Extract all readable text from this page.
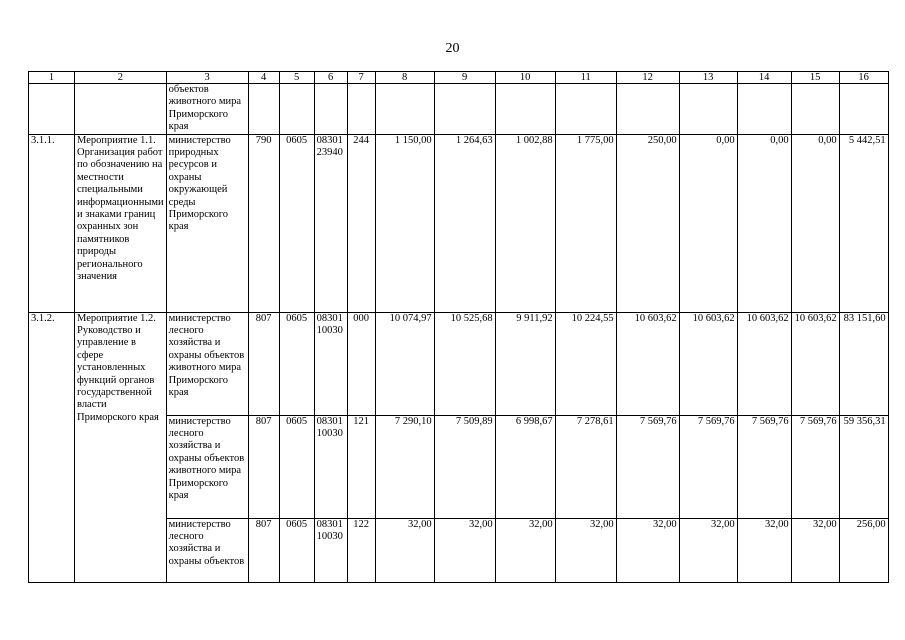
20
1	2	3	4	5	6	7	8	9	10	11	12	13	14	15	16
		объектов животного мира Приморского края													
3.1.1.	Мероприятие 1.1. Организация работ по обозначению на местности специальными информационными и знаками границ охранных зон памятников природы регионального значения	министерство природных ресурсов и охраны окружающей среды Приморского края	790	0605	08301 23940	244	1 150,00	1 264,63	1 002,88	1 775,00	250,00	0,00	0,00	0,00	5 442,51
3.1.2.	Мероприятие 1.2. Руководство и управление в сфере установленных функций органов государственной власти Приморского края	министерство лесного хозяйства и охраны объектов животного мира Приморского края	807	0605	08301 10030	000	10 074,97	10 525,68	9 911,92	10 224,55	10 603,62	10 603,62	10 603,62	10 603,62	83 151,60
		министерство лесного хозяйства и охраны объектов животного мира Приморского края	807	0605	08301 10030	121	7 290,10	7 509,89	6 998,67	7 278,61	7 569,76	7 569,76	7 569,76	7 569,76	59 356,31
		министерство лесного хозяйства и охраны объектов	807	0605	08301 10030	122	32,00	32,00	32,00	32,00	32,00	32,00	32,00	32,00	256,00
